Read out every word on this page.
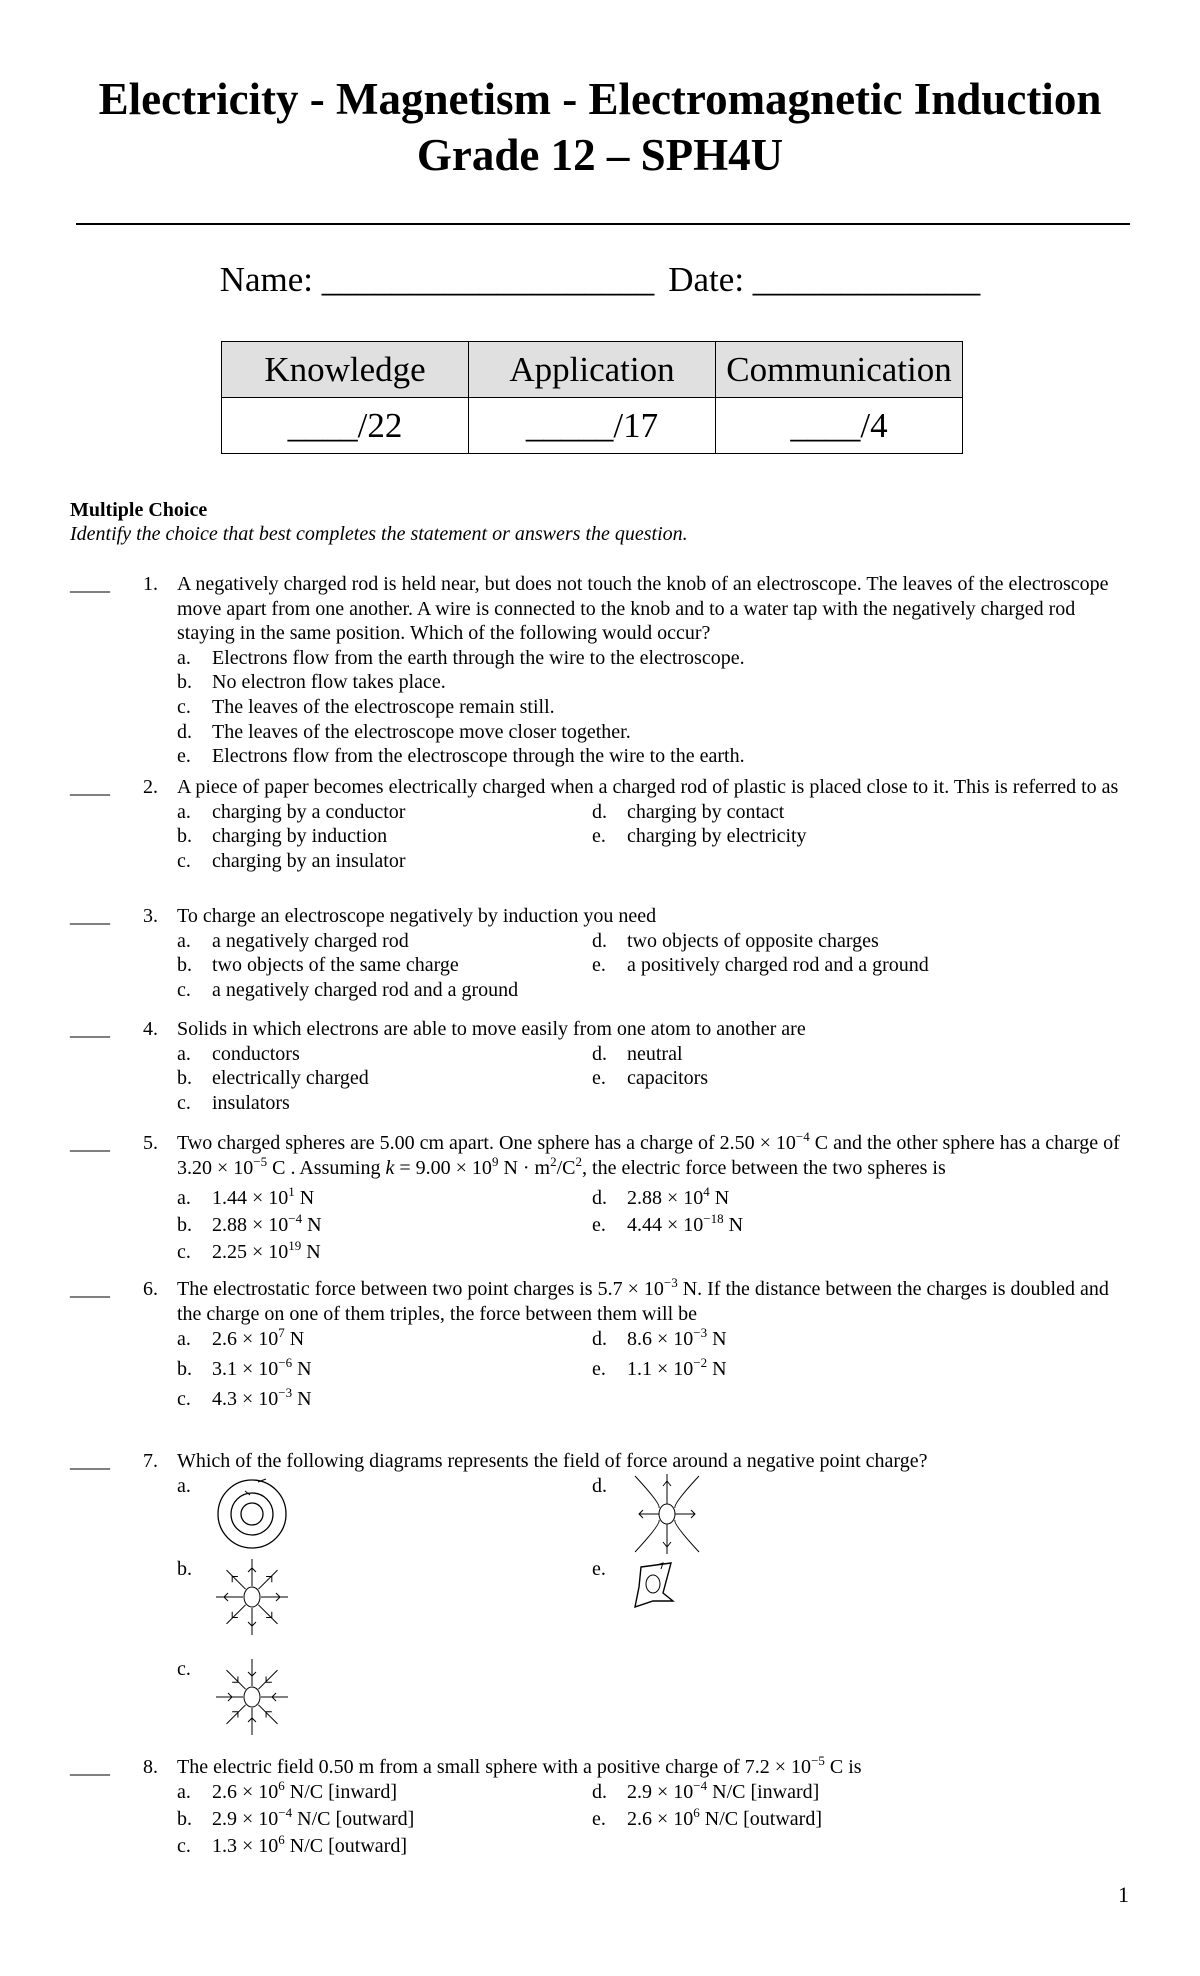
Electricity - Magnetism - Electromagnetic Induction
Grade 12 – SPH4U
Name: ___________________ Date: _____________
Knowledge	Application	Communication
____/22	_____/17	____/4
Multiple Choice
Identify the choice that best completes the statement or answers the question.
____	1. A negatively charged rod is held near, but does not touch the knob of an electroscope. The leaves of the electroscope move apart from one another. A wire is connected to the knob and to a water tap with the negatively charged rod staying in the same position. Which of the following would occur?
a.	Electrons flow from the earth through the wire to the electroscope.
b.	No electron flow takes place.
c.	The leaves of the electroscope remain still.
d.	The leaves of the electroscope move closer together.
e.	Electrons flow from the electroscope through the wire to the earth.
____	2. A piece of paper becomes electrically charged when a charged rod of plastic is placed close to it. This is referred to as
a.	charging by a conductor
b.	charging by induction
c.	charging by an insulator
d.	charging by contact
e.	charging by electricity
____	3. To charge an electroscope negatively by induction you need
a.	a negatively charged rod
b.	two objects of the same charge
c.	a negatively charged rod and a ground
d.	two objects of opposite charges
e.	a positively charged rod and a ground
____	4. Solids in which electrons are able to move easily from one atom to another are
a.	conductors
b.	electrically charged
c.	insulators
d.	neutral
e.	capacitors
____	5. Two charged spheres are 5.00 cm apart. One sphere has a charge of $2.50 \times 10^{-4}$ C and the other sphere has a charge of $3.20 \times 10^{-5}$ C . Assuming $k = 9.00 \times 10^9$ $N \cdot m^2/C^2$, the electric force between the two spheres is
a.	$1.44 \times 10^1$ N
b.	$2.88 \times 10^{-4}$ N
c.	$2.25 \times 10^{19}$ N
d.	$2.88 \times 10^4$ N
e.	$4.44 \times 10^{-18}$ N
____	6. The electrostatic force between two point charges is $5.7 \times 10^{-3}$ N. If the distance between the charges is doubled and the charge on one of them triples, the force between them will be
a.	$2.6 \times 10^7$ N
b.	$3.1 \times 10^{-6}$ N
c.	$4.3 \times 10^{-3}$ N
d.	$8.6 \times 10^{-3}$ N
e.	$1.1 \times 10^{-2}$ N
____	7. Which of the following diagrams represents the field of force around a negative point charge?
a.
b.
c.
d.
e.
____	8. The electric field 0.50 m from a small sphere with a positive charge of $7.2 \times 10^{-5}$ C is
a.	$2.6 \times 10^6$ N/C [inward]
b.	$2.9 \times 10^{-4}$ N/C [outward]
c.	$1.3 \times 10^6$ N/C [outward]
d.	$2.9 \times 10^{-4}$ N/C [inward]
e.	$2.6 \times 10^6$ N/C [outward]
1
